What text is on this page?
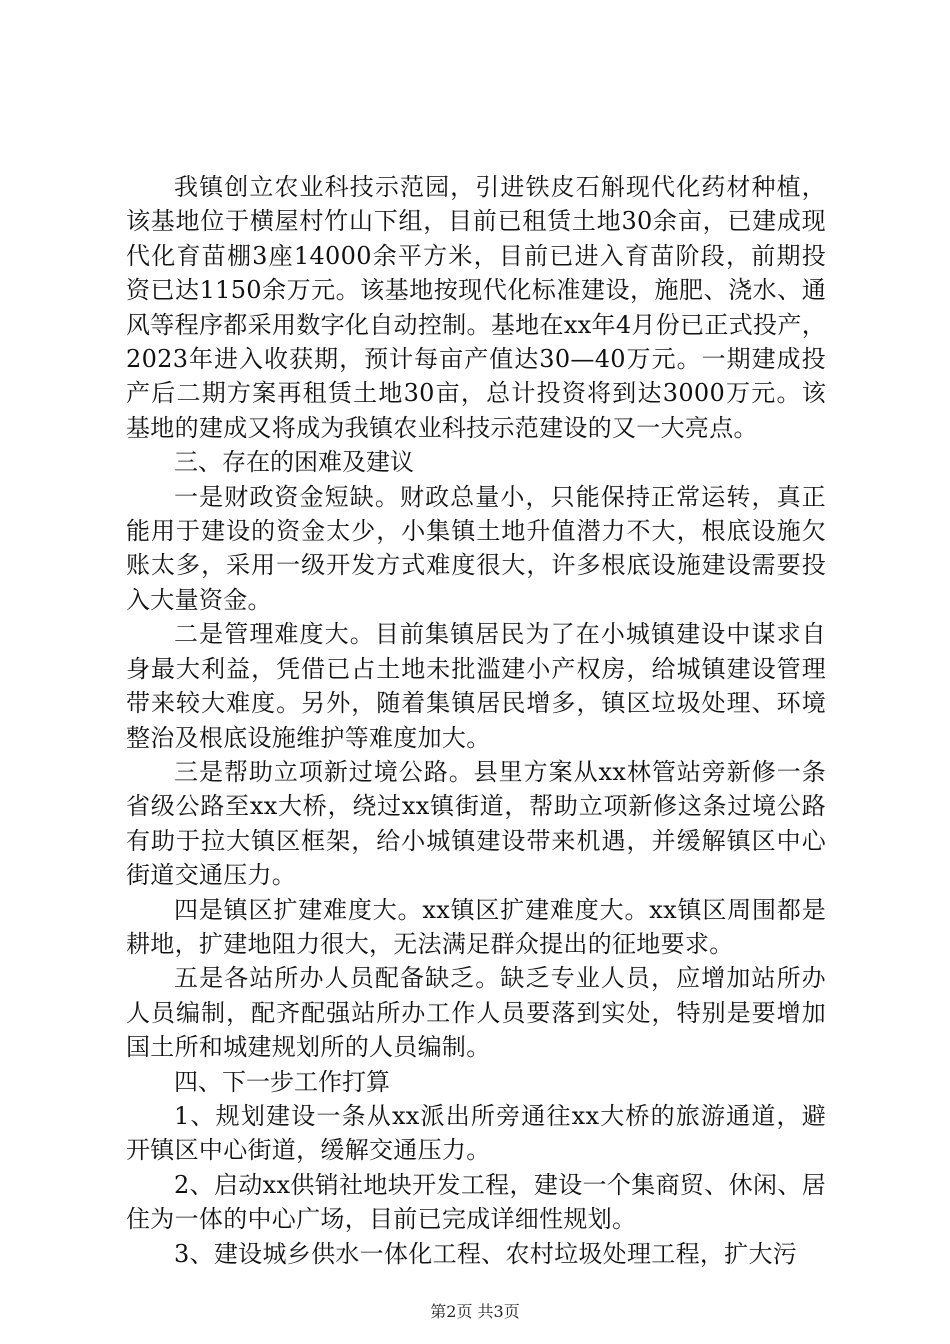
我镇创立农业科技示范园，引进铁皮石斛现代化药材种植，该基地位于横屋村竹山下组，目前已租赁土地30余亩，已建成现代化育苗棚3座14000余平方米，目前已进入育苗阶段，前期投资已达1150余万元。该基地按现代化标准建设，施肥、浇水、通风等程序都采用数字化自动控制。基地在xx年4月份已正式投产，2023年进入收获期，预计每亩产值达30—40万元。一期建成投产后二期方案再租赁土地30亩，总计投资将到达3000万元。该基地的建成又将成为我镇农业科技示范建设的又一大亮点。

三、存在的困难及建议

一是财政资金短缺。财政总量小，只能保持正常运转，真正能用于建设的资金太少，小集镇土地升值潜力不大，根底设施欠账太多，采用一级开发方式难度很大，许多根底设施建设需要投入大量资金。

二是管理难度大。目前集镇居民为了在小城镇建设中谋求自身最大利益，凭借已占土地未批滥建小产权房，给城镇建设管理带来较大难度。另外，随着集镇居民增多，镇区垃圾处理、环境整治及根底设施维护等难度加大。

三是帮助立项新过境公路。县里方案从xx林管站旁新修一条省级公路至xx大桥，绕过xx镇街道，帮助立项新修这条过境公路有助于拉大镇区框架，给小城镇建设带来机遇，并缓解镇区中心街道交通压力。

四是镇区扩建难度大。xx镇区扩建难度大。xx镇区周围都是耕地，扩建地阻力很大，无法满足群众提出的征地要求。

五是各站所办人员配备缺乏。缺乏专业人员，应增加站所办人员编制，配齐配强站所办工作人员要落到实处，特别是要增加国土所和城建规划所的人员编制。

四、下一步工作打算

1、规划建设一条从xx派出所旁通往xx大桥的旅游通道，避开镇区中心街道，缓解交通压力。

2、启动xx供销社地块开发工程，建设一个集商贸、休闲、居住为一体的中心广场，目前已完成详细性规划。

3、建设城乡供水一体化工程、农村垃圾处理工程，扩大污

第2页 共3页
